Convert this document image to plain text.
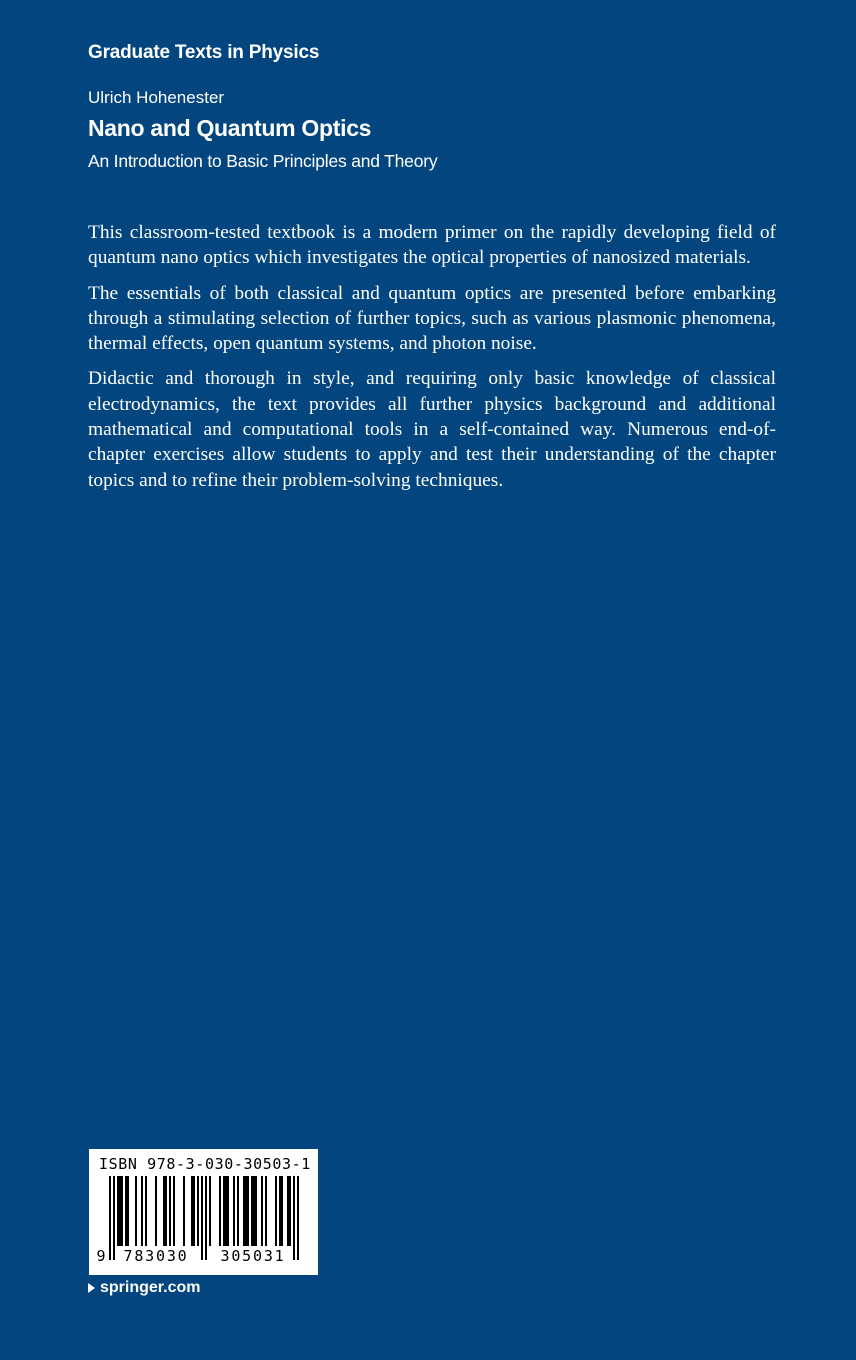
Graduate Texts in Physics
Ulrich Hohenester
Nano and Quantum Optics
An Introduction to Basic Principles and Theory

This classroom-tested textbook is a modern primer on the rapidly developing field of quantum nano optics which investigates the optical properties of nanosized materials.

The essentials of both classical and quantum optics are presented before embarking through a stimulating selection of further topics, such as various plasmonic phenomena, thermal effects, open quantum systems, and photon noise.

Didactic and thorough in style, and requiring only basic knowledge of classical electrodynamics, the text provides all further physics background and additional mathematical and computational tools in a self-contained way. Numerous end-of-chapter exercises allow students to apply and test their understanding of the chapter topics and to refine their problem-solving techniques.

ISBN 978-3-030-30503-1
9	783030	305031
springer.com
